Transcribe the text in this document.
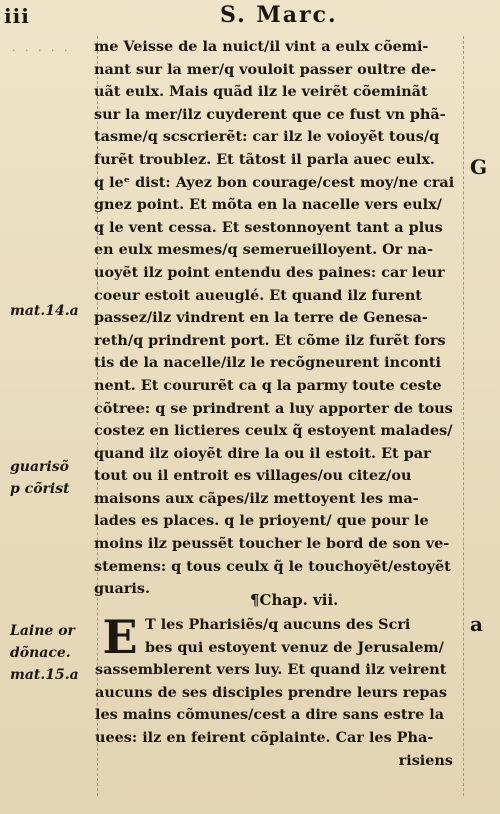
iii	S. Marc.
· · · · ·
mat.14.a
guarisõ
p cõrist
Laine or
dõnace.
mat.15.a
G
a
me Veisse de la nuict/il vint a eulx cõemi-
nant sur la mer/q vouloit passer oultre de-
uãt eulx. Mais quãd ilz le veirẽt cõeminãt
sur la mer/ilz cuyderent que ce fust vn phã-
tasme/q scscrierẽt: car ilz le voioyẽt tous/q
furẽt troublez. Et tãtost il parla auec eulx.
q leᵉ dist: Ayez bon courage/cest moy/ne crai
gnez point. Et mõta en la nacelle vers eulx/
q le vent cessa. Et sestonnoyent tant a plus
en eulx mesmes/q semerueilloyent. Or na-
uoyẽt ilz point entendu des paines: car leur
coeur estoit aueuglé. Et quand ilz furent
passez/ilz vindrent en la terre de Genesa-
reth/q prindrent port. Et cõme ilz furẽt fors
tis de la nacelle/ilz le recõgneurent inconti
nent. Et coururẽt ca q la parmy toute ceste
cõtree: q se prindrent a luy apporter de tous
costez en lictieres ceulx q̃ estoyent malades/
quand ilz oioyẽt dire la ou il estoit. Et par
tout ou il entroit es villages/ou citez/ou
maisons aux cãpes/ilz mettoyent les ma-
lades es places. q le prioyent/ que pour le
moins ilz peussẽt toucher le bord de son ve-
stemens: q tous ceulx q̃ le touchoyẽt/estoyẽt
guaris.
¶Chap. vii.
E T les Pharisiẽs/q aucuns des Scri
bes qui estoyent venuz de Jerusalem/
sassemblerent vers luy. Et quand ilz veirent
aucuns de ses disciples prendre leurs repas
les mains cõmunes/cest a dire sans estre la
uees: ilz en feirent cõplainte. Car les Pha-
risiens
